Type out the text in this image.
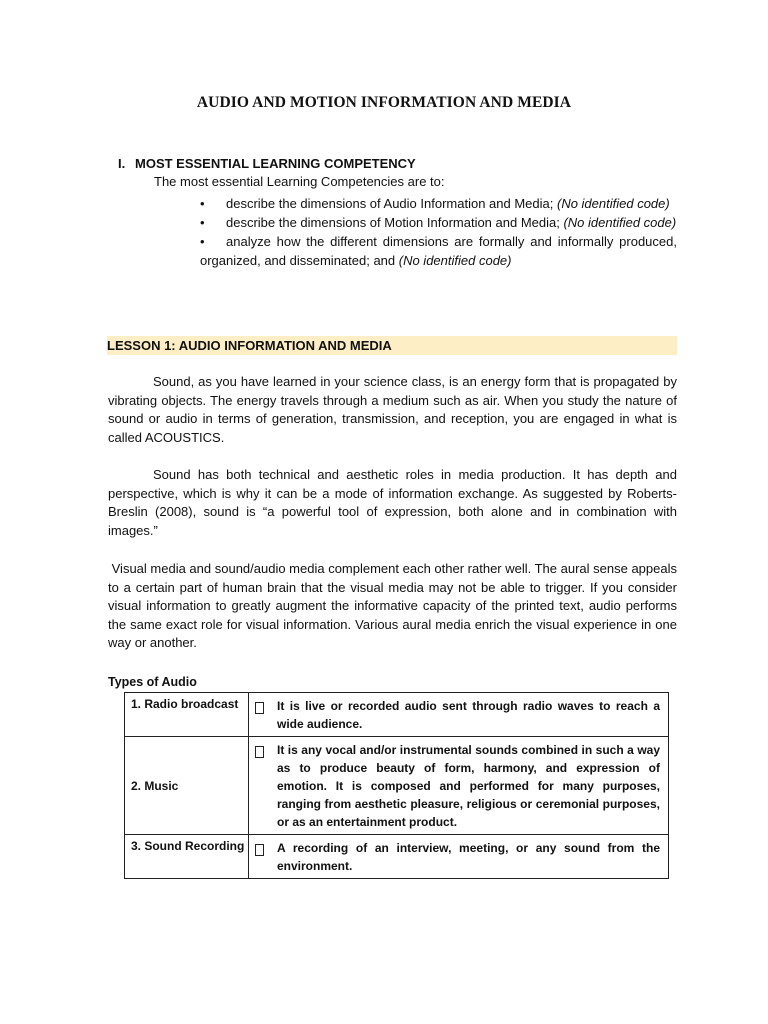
AUDIO AND MOTION INFORMATION AND MEDIA
I. MOST ESSENTIAL LEARNING COMPETENCY
The most essential Learning Competencies are to:
• describe the dimensions of Audio Information and Media; (No identified code)
• describe the dimensions of Motion Information and Media; (No identified code)
• analyze how the different dimensions are formally and informally produced, organized, and disseminated; and (No identified code)
LESSON 1: AUDIO INFORMATION AND MEDIA
Sound, as you have learned in your science class, is an energy form that is propagated by vibrating objects. The energy travels through a medium such as air. When you study the nature of sound or audio in terms of generation, transmission, and reception, you are engaged in what is called ACOUSTICS.
Sound has both technical and aesthetic roles in media production. It has depth and perspective, which is why it can be a mode of information exchange. As suggested by Roberts-Breslin (2008), sound is “a powerful tool of expression, both alone and in combination with images.”
Visual media and sound/audio media complement each other rather well. The aural sense appeals to a certain part of human brain that the visual media may not be able to trigger. If you consider visual information to greatly augment the informative capacity of the printed text, audio performs the same exact role for visual information. Various aural media enrich the visual experience in one way or another.
Types of Audio
1. Radio broadcast	It is live or recorded audio sent through radio waves to reach a wide audience.

2. Music	It is any vocal and/or instrumental sounds combined in such a way as to produce beauty of form, harmony, and expression of emotion. It is composed and performed for many purposes, ranging from aesthetic pleasure, religious or ceremonial purposes, or as an entertainment product.

3. Sound Recording	A recording of an interview, meeting, or any sound from the environment.
